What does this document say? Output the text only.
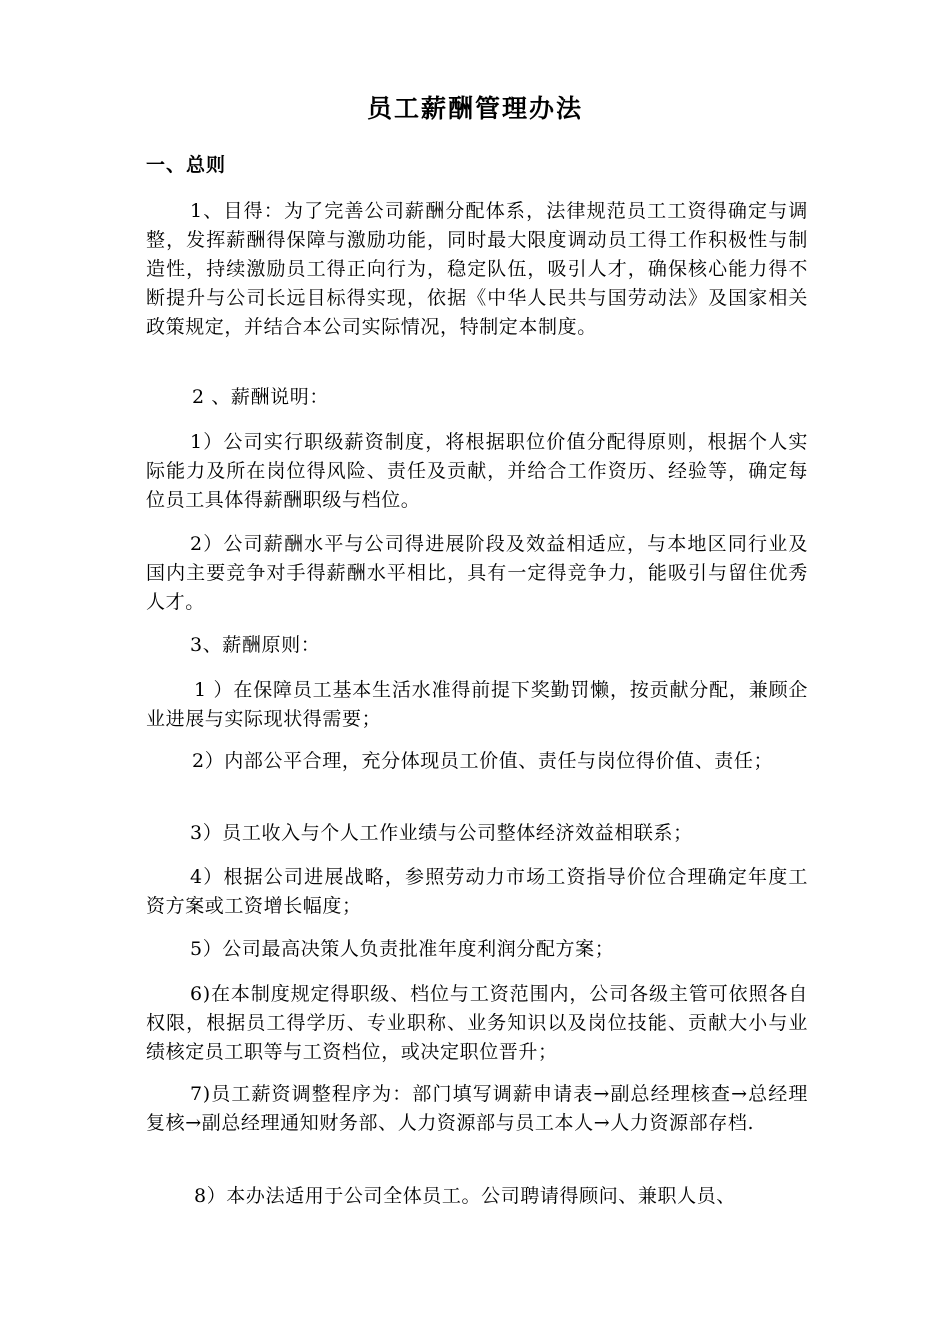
员工薪酬管理办法
一、总则

1、目得：为了完善公司薪酬分配体系，法律规范员工工资得确定与调整，发挥薪酬得保障与激励功能，同时最大限度调动员工得工作积极性与制造性，持续激励员工得正向行为，稳定队伍，吸引人才，确保核心能力得不断提升与公司长远目标得实现，依据《中华人民共与国劳动法》及国家相关政策规定，并结合本公司实际情况，特制定本制度。

2 、薪酬说明：

1）公司实行职级薪资制度，将根据职位价值分配得原则，根据个人实际能力及所在岗位得风险、责任及贡献，并给合工作资历、经验等，确定每位员工具体得薪酬职级与档位。

2）公司薪酬水平与公司得进展阶段及效益相适应，与本地区同行业及国内主要竞争对手得薪酬水平相比，具有一定得竞争力，能吸引与留住优秀人才。

3、薪酬原则：

1 ）在保障员工基本生活水准得前提下奖勤罚懒，按贡献分配，兼顾企业进展与实际现状得需要；

2）内部公平合理，充分体现员工价值、责任与岗位得价值、责任；

3）员工收入与个人工作业绩与公司整体经济效益相联系；

4）根据公司进展战略，参照劳动力市场工资指导价位合理确定年度工资方案或工资增长幅度；

5）公司最高决策人负责批准年度利润分配方案；

6)在本制度规定得职级、档位与工资范围内，公司各级主管可依照各自权限，根据员工得学历、专业职称、业务知识以及岗位技能、贡献大小与业绩核定员工职等与工资档位，或决定职位晋升；

7)员工薪资调整程序为：部门填写调薪申请表→副总经理核查→总经理复核→副总经理通知财务部、人力资源部与员工本人→人力资源部存档.

8）本办法适用于公司全体员工。公司聘请得顾问、兼职人员、
